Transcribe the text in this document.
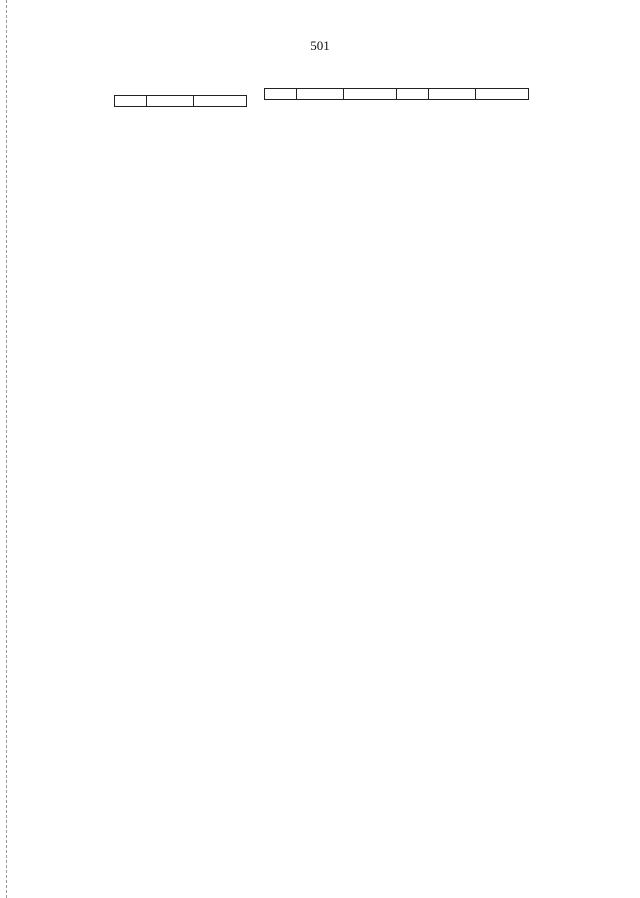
501
